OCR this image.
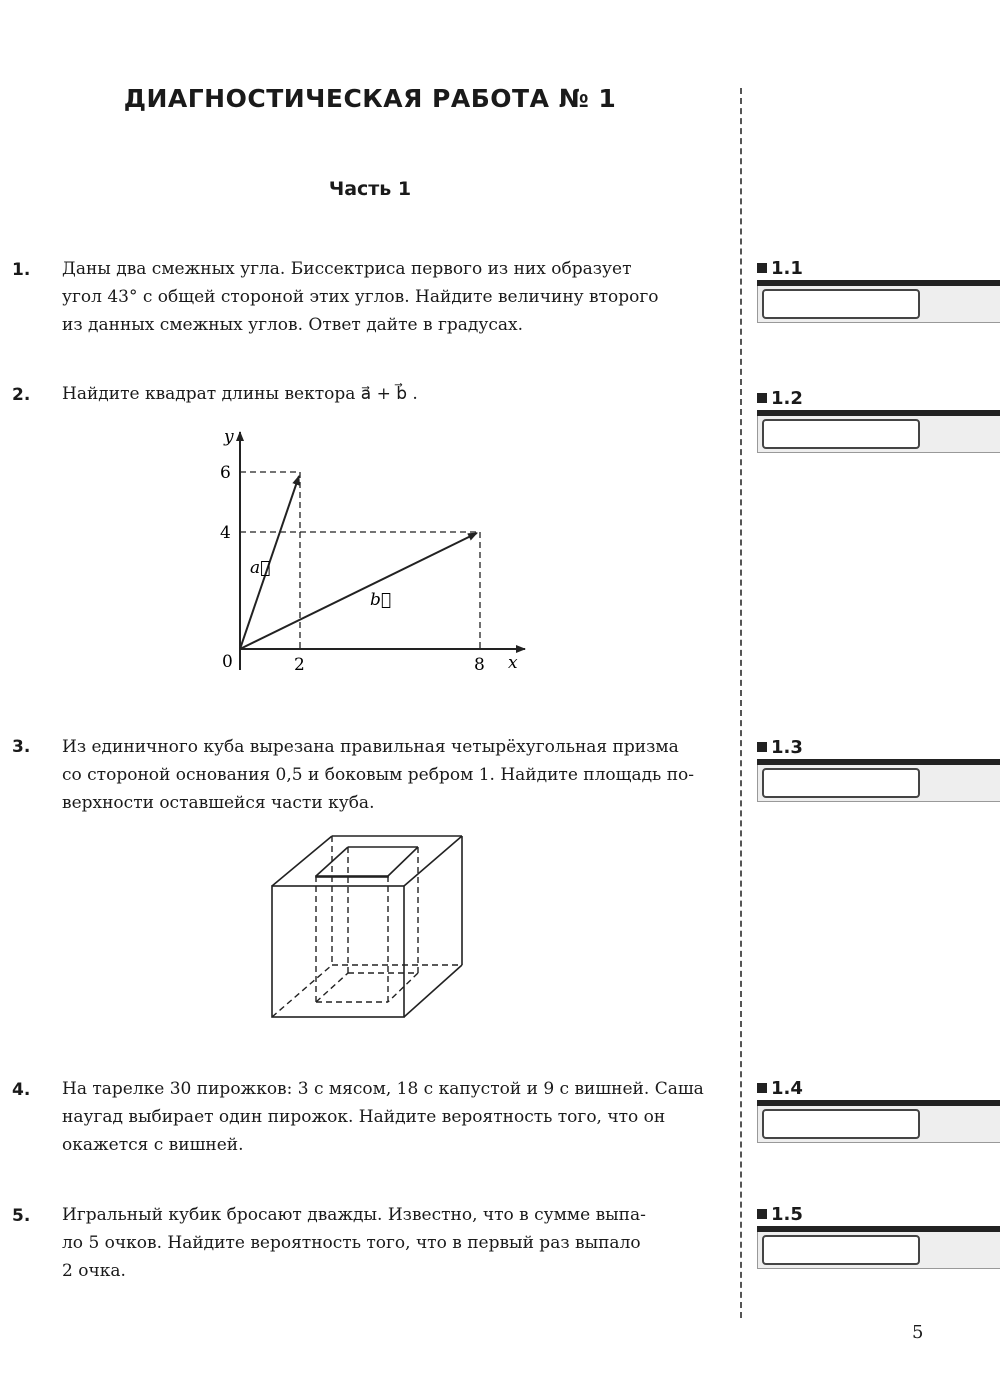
ДИАГНОСТИЧЕСКАЯ РАБОТА № 1
Часть 1
1. Даны два смежных угла. Биссектриса первого из них образует
угол 43° с общей стороной этих углов. Найдите величину второго
из данных смежных углов. Ответ дайте в градусах.
2. Найдите квадрат длины вектора a⃗ + b⃗ .
y
x
0
6
4
2	8
a⃗
b⃗
3. Из единичного куба вырезана правильная четырёхугольная призма
со стороной основания 0,5 и боковым ребром 1. Найдите площадь по-
верхности оставшейся части куба.
4. На тарелке 30 пирожков: 3 с мясом, 18 с капустой и 9 с вишней. Саша
наугад выбирает один пирожок. Найдите вероятность того, что он
окажется с вишней.
5. Игральный кубик бросают дважды. Известно, что в сумме выпа-
ло 5 очков. Найдите вероятность того, что в первый раз выпало
2 очка.
1.1
1.2
1.3
1.4
1.5
5
